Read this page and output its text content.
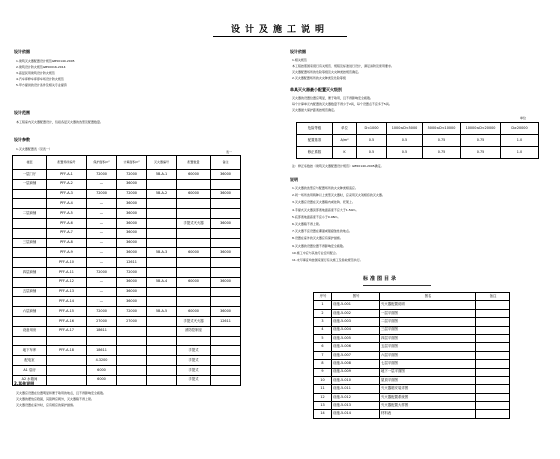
设计及施工说明
设计依据
1.建筑灭火器配置设计规范GB50140-2005
2.建筑设计防火规范GB50016-2014
3.高层民用建筑设计防火规范
4.汽车库修车库停车场设计防火规范
5.甲方提供的设计条件及相关专业提资
设计范围
本工程室内灭火器配置设计，包括各层灭火器的选型及配置数量。
设计参数
1.灭火器配置表（见表一）
表一
楼层	配置场所编号	保护面积m²	计算面积m²	灭火器编号	配置数量	备注
一层门厅	PFF-A-1	72000	72000	5B-A-1	60000	36000
一层商铺	PFF-A-2	—	36000			
	PFF-A-3	72000	72000	5B-A-2	60000	36000
	PFF-A-4	—	36000			
二层商铺	PFF-A-5	—	36000			
	PFF-A-6	—	36000		手提式灭火器	36000
	PFF-A-7	—	36000			
三层商铺	PFF-A-8	—	36000			
	PFF-A-9	—	36000	5B-A-3	60000	36000
	PFF-A-10	—	12611			
四层商铺	PFF-A-11	72000	72000			
	PFF-A-12	—	36000	5B-A-4	60000	36000
五层商铺	PFF-A-13	—	36000			
	PFF-A-14	—	36000			
六层商铺	PFF-A-15	72000	72000	5B-A-5	60000	36000
	PFF-A-16	27000	27000		手提式灭火器	12611
设备用房	PFF-A-17	18611			消防控制室	

地下车库	PFF-A-18	18611			手提式	
配电室		4.3200			手提式	
A1 泵房		6000			手提式	
A2 水箱间		6000			手提式	
2.其他说明
灭火器应设置在位置明显和便于取用的地点，且不得影响安全疏散。
灭火器的摆放应稳固，其铭牌应朝外，灭火器箱不得上锁。
灭火器设置在室外时，应有相应的保护措施。
设计依据
1.相关规范
本工程按照国家现行有关规范、规程及标准进行设计，满足消防及使用要求。
灭火器配置场所的危险等级及火灾种类按规范确定。
2.灭火器配置场所的火灾种类及危险等级
单具灭火器最小配置灭火级别
灭火器的设置位置应明显，便于取用，且不得影响安全疏散。
每个计算单元内配置的灭火器数量不得少于2具，每个设置点不宜多于5具。
灭火器最大保护距离按规范确定。
单位
危险等级	单位	D<1000	1000≤D<5000	5000≤D<10000	10000≤D<20000	D≥20000
配置基准	A/m²	0.5	0.5	0.75	0.75	1.0
修正系数	K	0.5	0.5	0.75	0.75	1.0
注：修正系数按《建筑灭火器配置设计规范》GB50140-2005确定。
说明
1.灭火器的选型应与配置场所的火灾种类相适应。
2.同一场所选用两种以上类型灭火器时，应采用灭火剂相容的灭火器。
3.灭火器应设置在灭火器箱内或挂钩、托架上。
4.手提式灭火器顶部离地面高度不应大于1.50m。
5.底部离地面高度不宜小于0.08m。
6.灭火器箱不得上锁。
7.灭火器不宜设置在潮湿或强腐蚀性的地点。
8.设置在室外的灭火器应有保护措施。
9.灭火器的设置位置不得影响安全疏散。
10.施工中应与其他专业密切配合。
11.未尽事宜均按国家现行有关施工及验收规范执行。
标准图目录
序号	图号	图名	备注
1	设施-5-001	灭火器配置说明	
2	设施-5-002	一层平面图	
3	设施-5-003	二层平面图	
4	设施-5-004	三层平面图	
5	设施-5-005	四层平面图	
6	设施-5-006	五层平面图	
7	设施-5-007	六层平面图	
8	设施-5-008	七层平面图	
9	设施-5-009	地下一层平面图	
10	设施-5-010	屋顶平面图	
11	设施-5-011	灭火器箱安装详图	
12	设施-5-012	灭火器配置系统图	
13	设施-5-013	灭火器配置大样图	
14	设施-5-014	材料表	
